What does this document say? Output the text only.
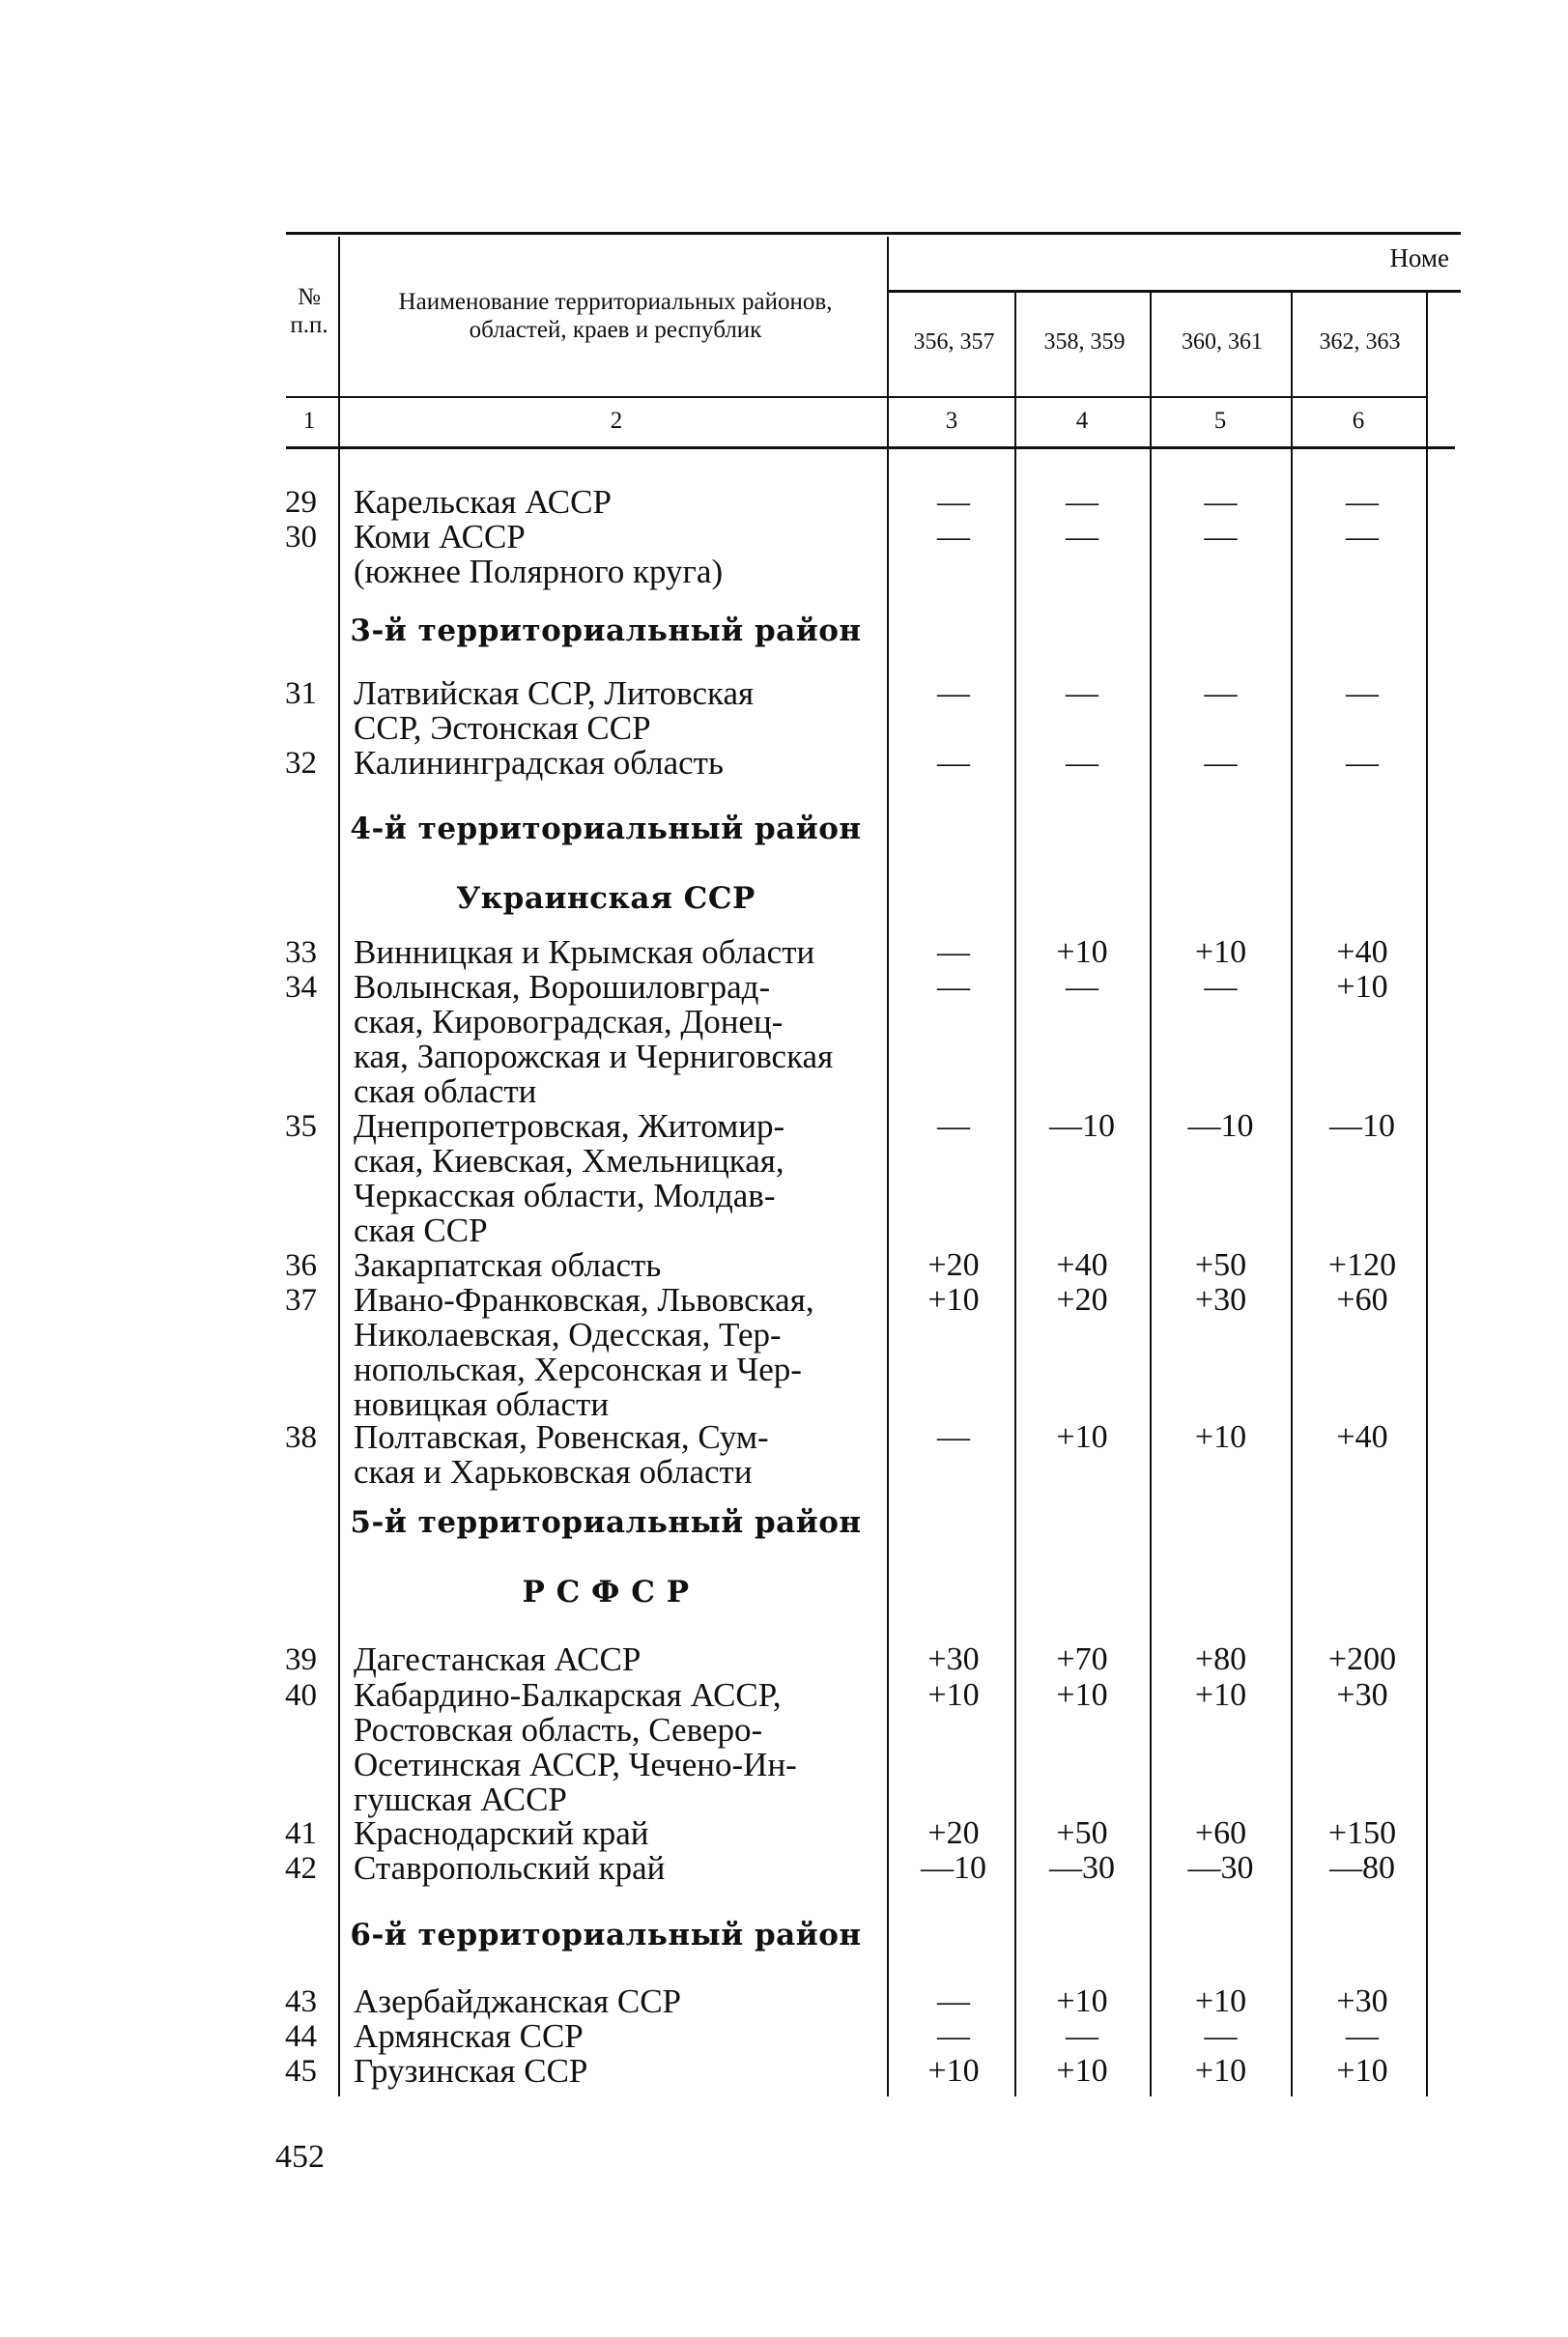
№ п.п.
Наименование территориальных районов, областей, краев и республик
Номе
356, 357	358, 359	360, 361	362, 363
1	2	3	4	5	6
29 Карельская АССР	—	—	—	—
30 Коми АССР
(южнее Полярного круга)
—	—	—	—
3-й территориальный район
31 Латвийская ССР, Литовская
ССР, Эстонская ССР
—	—	—	—
32 Калининградская область	—	—	—	—
4-й территориальный район
Украинская ССР
33 Винницкая и Крымская области	—	+10	+10	+40
34 Волынская, Ворошиловград-
ская, Кировоградская, Донец-
кая, Запорожская и Черниговская
ская области
—	—	—	+10
35 Днепропетровская, Житомир-
ская, Киевская, Хмельницкая,
Черкасская области, Молдав-
ская ССР
—	—10	—10	—10
36 Закарпатская область	+20	+40	+50	+120
37 Ивано-Франковская, Львовская,
Николаевская, Одесская, Тер-
нопольская, Херсонская и Чер-
новицкая области
+10	+20	+30	+60
38 Полтавская, Ровенская, Сум-
ская и Харьковская области
—	+10	+10	+40
5-й территориальный район
Р С Ф С Р
39 Дагестанская АССР	+30	+70	+80	+200
40 Кабардино-Балкарская АССР,
Ростовская область, Северо-
Осетинская АССР, Чечено-Ин-
гушская АССР
+10	+10	+10	+30
41 Краснодарский край	+20	+50	+60	+150
42 Ставропольский край	—10	—30	—30	—80
6-й территориальный район
43 Азербайджанская ССР	—	+10	+10	+30
44 Армянская ССР	—	—	—	—
45 Грузинская ССР	+10	+10	+10	+10
452
